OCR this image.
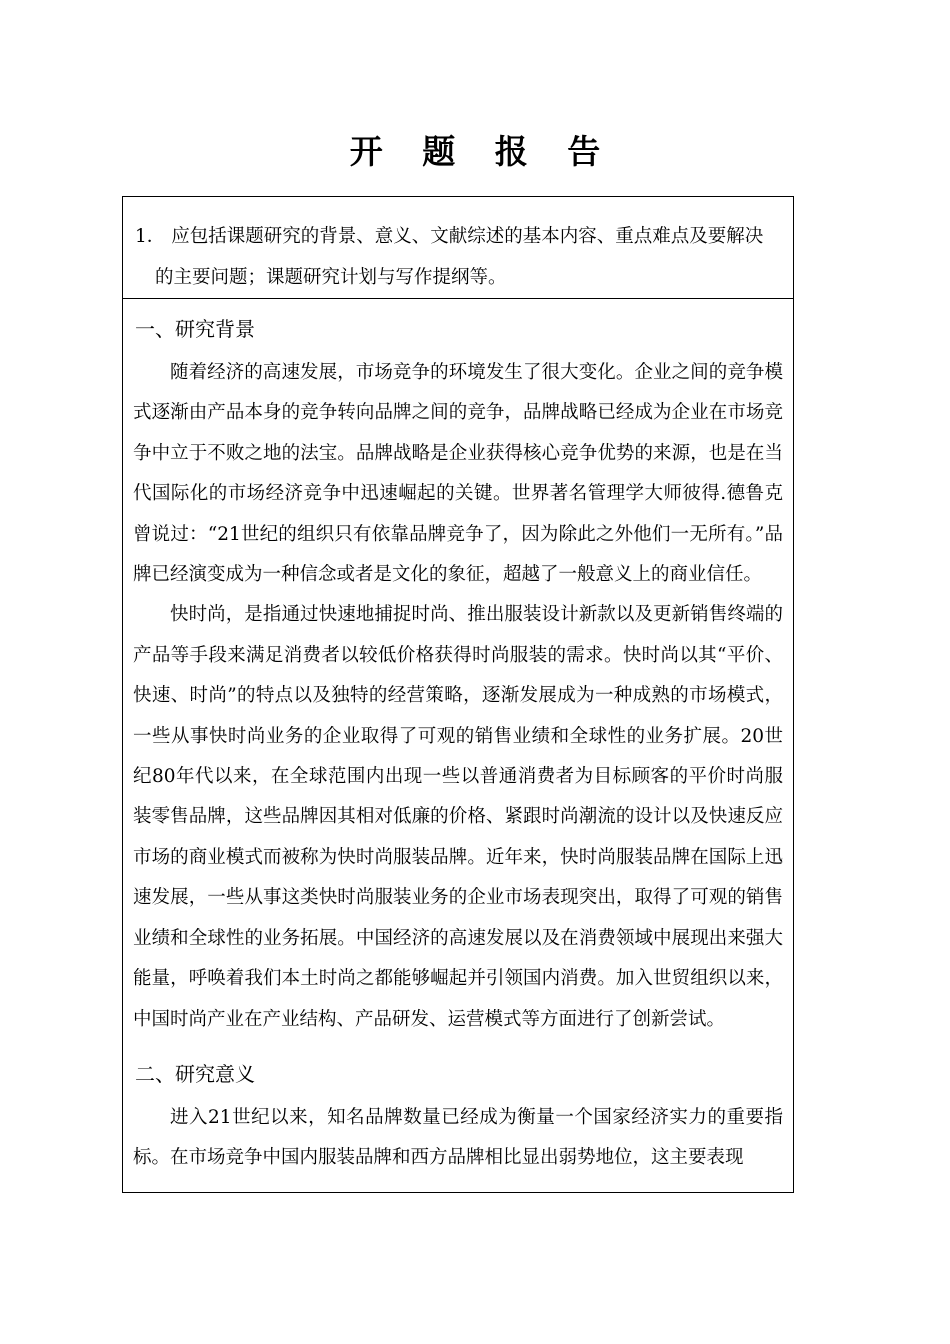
开 题 报 告
1． 应包括课题研究的背景、意义、文献综述的基本内容、重点难点及要解决
的主要问题；课题研究计划与写作提纲等。
一、研究背景

随着经济的高速发展，市场竞争的环境发生了很大变化。企业之间的竞争模式逐渐由产品本身的竞争转向品牌之间的竞争，品牌战略已经成为企业在市场竞争中立于不败之地的法宝。品牌战略是企业获得核心竞争优势的来源，也是在当代国际化的市场经济竞争中迅速崛起的关键。世界著名管理学大师彼得.德鲁克曾说过：“21世纪的组织只有依靠品牌竞争了，因为除此之外他们一无所有。”品牌已经演变成为一种信念或者是文化的象征，超越了一般意义上的商业信任。

快时尚，是指通过快速地捕捉时尚、推出服装设计新款以及更新销售终端的产品等手段来满足消费者以较低价格获得时尚服装的需求。快时尚以其“平价、快速、时尚”的特点以及独特的经营策略，逐渐发展成为一种成熟的市场模式，一些从事快时尚业务的企业取得了可观的销售业绩和全球性的业务扩展。20世纪80年代以来，在全球范围内出现一些以普通消费者为目标顾客的平价时尚服装零售品牌，这些品牌因其相对低廉的价格、紧跟时尚潮流的设计以及快速反应市场的商业模式而被称为快时尚服装品牌。近年来，快时尚服装品牌在国际上迅速发展，一些从事这类快时尚服装业务的企业市场表现突出，取得了可观的销售业绩和全球性的业务拓展。中国经济的高速发展以及在消费领域中展现出来强大能量，呼唤着我们本土时尚之都能够崛起并引领国内消费。加入世贸组织以来，中国时尚产业在产业结构、产品研发、运营模式等方面进行了创新尝试。

二、研究意义

进入21世纪以来，知名品牌数量已经成为衡量一个国家经济实力的重要指标。在市场竞争中国内服装品牌和西方品牌相比显出弱势地位，这主要表现
